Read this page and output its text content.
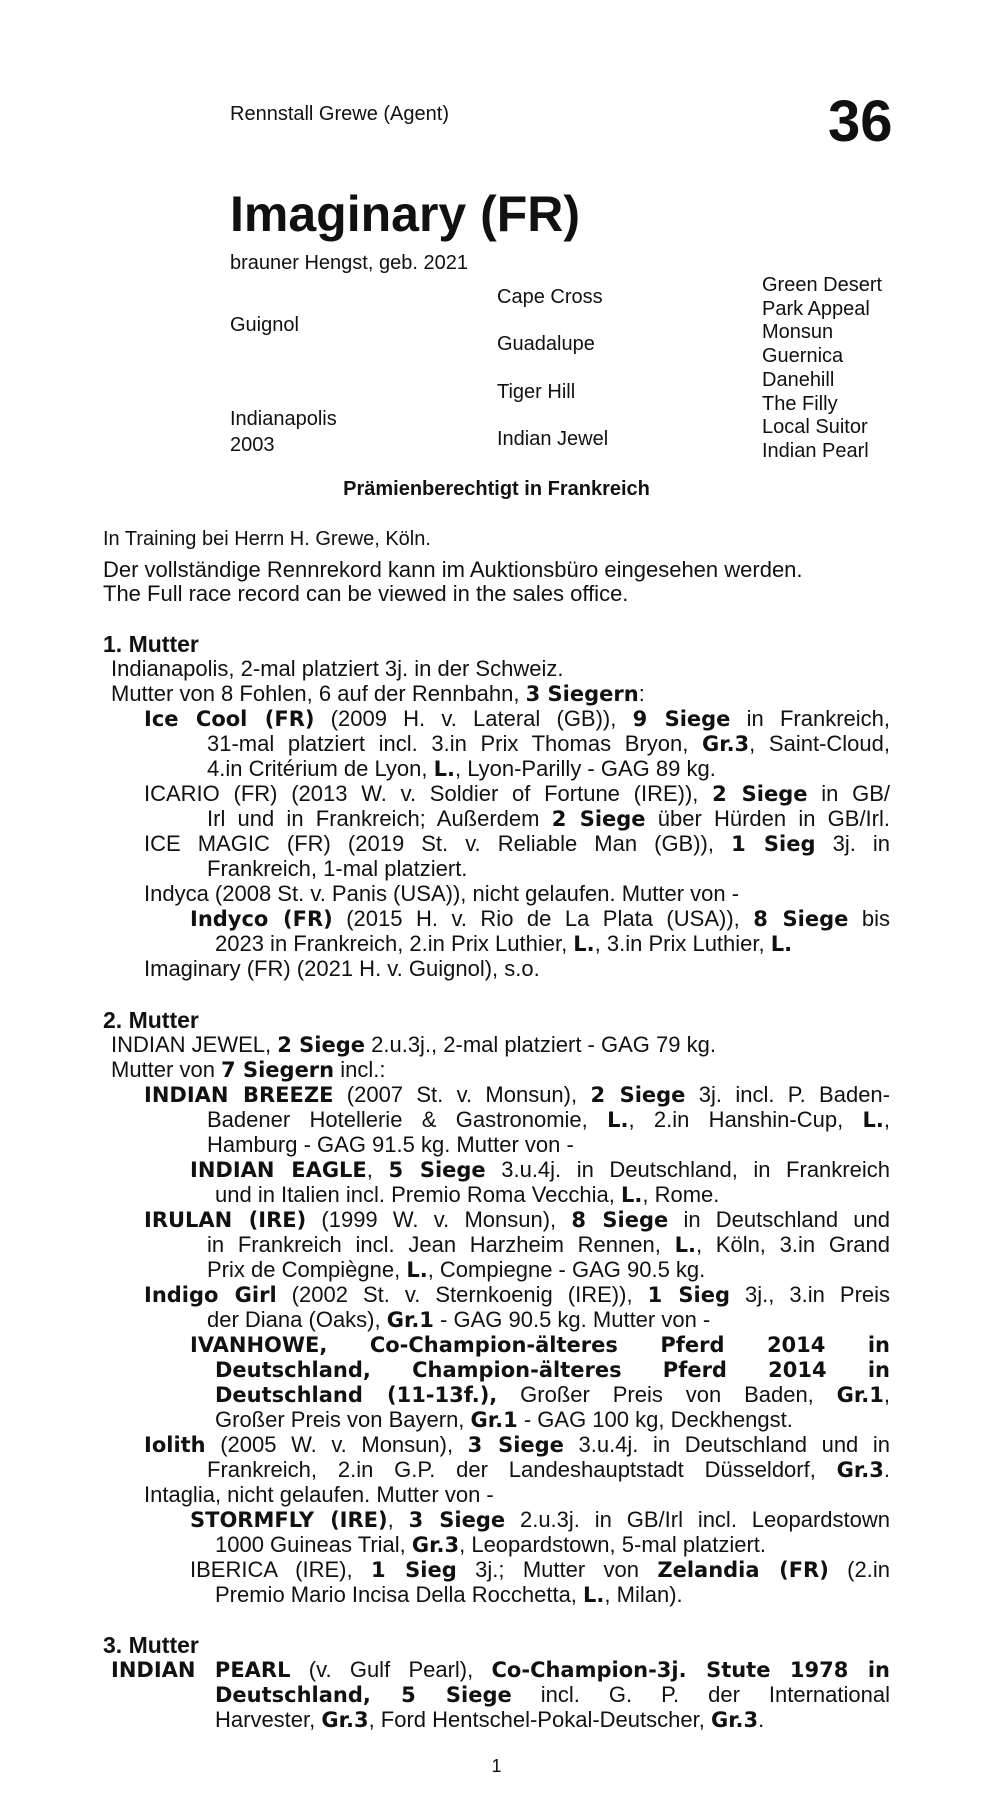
Rennstall Grewe (Agent)	36
Imaginary (FR)
brauner Hengst, geb. 2021
Guignol
Indianapolis
2003
Cape Cross
Guadalupe
Tiger Hill
Indian Jewel
Green Desert
Park Appeal
Monsun
Guernica
Danehill
The Filly
Local Suitor
Indian Pearl
Prämienberechtigt in Frankreich
In Training bei Herrn H. Grewe, Köln.
Der vollständige Rennrekord kann im Auktionsbüro eingesehen werden.
The Full race record can be viewed in the sales office.
1. Mutter
Indianapolis, 2-mal platziert 3j. in der Schweiz.
Mutter von 8 Fohlen, 6 auf der Rennbahn, 3 Siegern:
Ice Cool (FR) (2009 H. v. Lateral (GB)), 9 Siege in Frankreich,
31-mal platziert incl. 3.in Prix Thomas Bryon, Gr.3, Saint-Cloud,
4.in Critérium de Lyon, L., Lyon-Parilly - GAG 89 kg.
ICARIO (FR) (2013 W. v. Soldier of Fortune (IRE)), 2 Siege in GB/
Irl und in Frankreich; Außerdem 2 Siege über Hürden in GB/Irl.
ICE MAGIC (FR) (2019 St. v. Reliable Man (GB)), 1 Sieg 3j. in
Frankreich, 1-mal platziert.
Indyca (2008 St. v. Panis (USA)), nicht gelaufen. Mutter von -
Indyco (FR) (2015 H. v. Rio de La Plata (USA)), 8 Siege bis
2023 in Frankreich, 2.in Prix Luthier, L., 3.in Prix Luthier, L.
Imaginary (FR) (2021 H. v. Guignol), s.o.
2. Mutter
INDIAN JEWEL, 2 Siege 2.u.3j., 2-mal platziert - GAG 79 kg.
Mutter von 7 Siegern incl.:
INDIAN BREEZE (2007 St. v. Monsun), 2 Siege 3j. incl. P. Baden-
Badener Hotellerie & Gastronomie, L., 2.in Hanshin-Cup, L.,
Hamburg - GAG 91.5 kg. Mutter von -
INDIAN EAGLE, 5 Siege 3.u.4j. in Deutschland, in Frankreich
und in Italien incl. Premio Roma Vecchia, L., Rome.
IRULAN (IRE) (1999 W. v. Monsun), 8 Siege in Deutschland und
in Frankreich incl. Jean Harzheim Rennen, L., Köln, 3.in Grand
Prix de Compiègne, L., Compiegne - GAG 90.5 kg.
Indigo Girl (2002 St. v. Sternkoenig (IRE)), 1 Sieg 3j., 3.in Preis
der Diana (Oaks), Gr.1 - GAG 90.5 kg. Mutter von -
IVANHOWE, Co-Champion-älteres Pferd 2014 in
Deutschland, Champion-älteres Pferd 2014 in
Deutschland (11-13f.), Großer Preis von Baden, Gr.1,
Großer Preis von Bayern, Gr.1 - GAG 100 kg, Deckhengst.
Iolith (2005 W. v. Monsun), 3 Siege 3.u.4j. in Deutschland und in
Frankreich, 2.in G.P. der Landeshauptstadt Düsseldorf, Gr.3.
Intaglia, nicht gelaufen. Mutter von -
STORMFLY (IRE), 3 Siege 2.u.3j. in GB/Irl incl. Leopardstown
1000 Guineas Trial, Gr.3, Leopardstown, 5-mal platziert.
IBERICA (IRE), 1 Sieg 3j.; Mutter von Zelandia (FR) (2.in
Premio Mario Incisa Della Rocchetta, L., Milan).
3. Mutter
INDIAN PEARL (v. Gulf Pearl), Co-Champion-3j. Stute 1978 in
Deutschland, 5 Siege incl. G. P. der International
Harvester, Gr.3, Ford Hentschel-Pokal-Deutscher, Gr.3.
1
